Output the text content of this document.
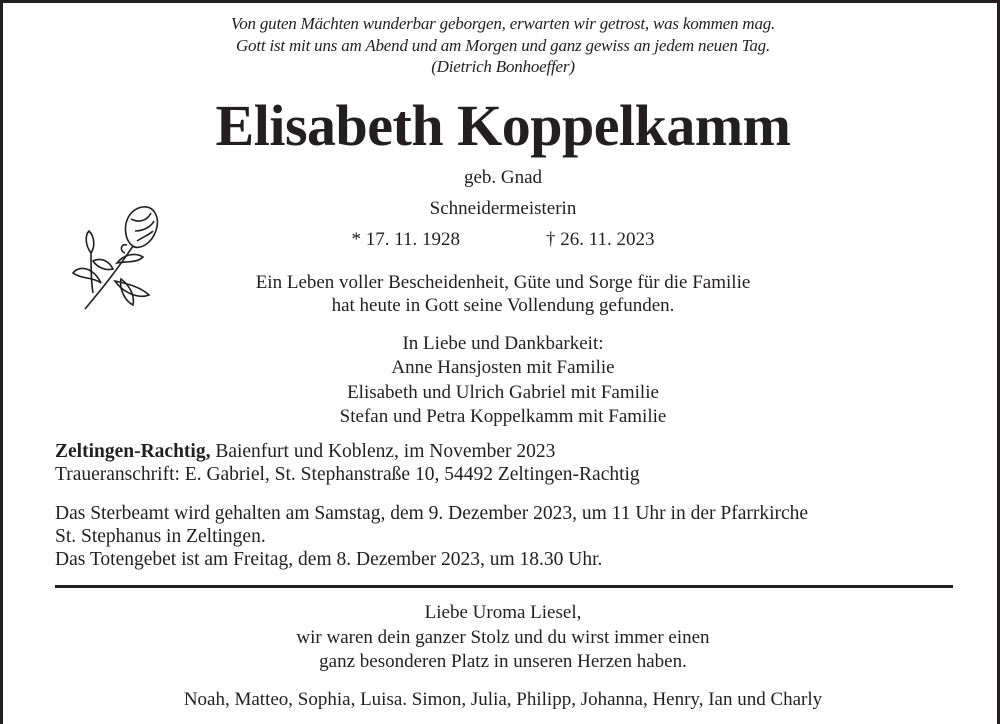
Von guten Mächten wunderbar geborgen, erwarten wir getrost, was kommen mag.
Gott ist mit uns am Abend und am Morgen und ganz gewiss an jedem neuen Tag.
(Dietrich Bonhoeffer)
Elisabeth Koppelkamm
geb. Gnad
Schneidermeisterin
* 17. 11. 1928	† 26. 11. 2023
Ein Leben voller Bescheidenheit, Güte und Sorge für die Familie
hat heute in Gott seine Vollendung gefunden.
In Liebe und Dankbarkeit:
Anne Hansjosten mit Familie
Elisabeth und Ulrich Gabriel mit Familie
Stefan und Petra Koppelkamm mit Familie
Zeltingen-Rachtig, Baienfurt und Koblenz, im November 2023
Traueranschrift: E. Gabriel, St. Stephanstraße 10, 54492 Zeltingen-Rachtig
Das Sterbeamt wird gehalten am Samstag, dem 9. Dezember 2023, um 11 Uhr in der Pfarrkirche
St. Stephanus in Zeltingen.
Das Totengebet ist am Freitag, dem 8. Dezember 2023, um 18.30 Uhr.
Liebe Uroma Liesel,
wir waren dein ganzer Stolz und du wirst immer einen
ganz besonderen Platz in unseren Herzen haben.
Noah, Matteo, Sophia, Luisa. Simon, Julia, Philipp, Johanna, Henry, Ian und Charly
